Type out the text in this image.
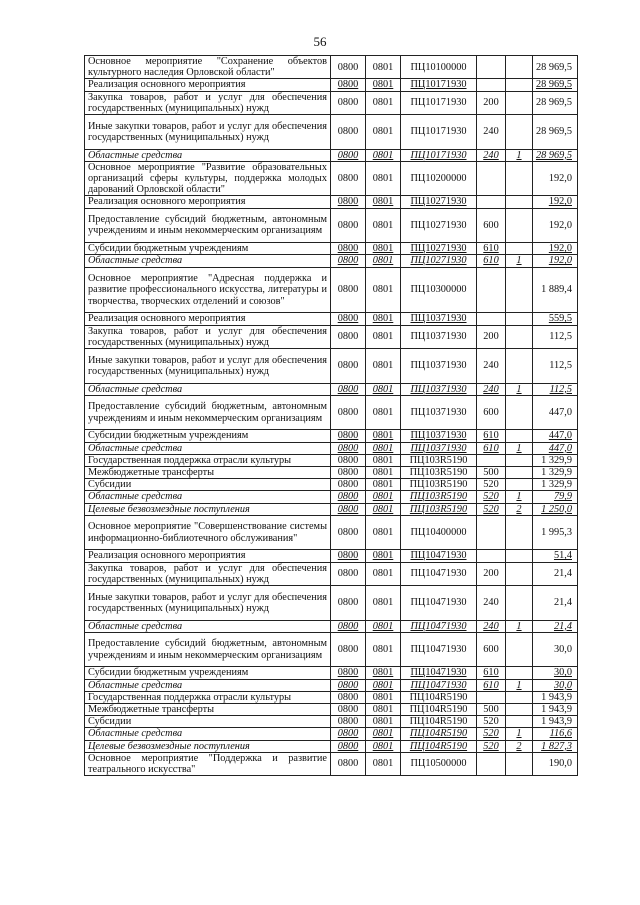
56
Основное мероприятие "Сохранение объектов культурного наследия Орловской области"	0800	0801	ПЦ10100000			28 969,5
Реализация основного мероприятия	0800	0801	ПЦ10171930			28 969,5
Закупка товаров, работ и услуг для обеспечения государственных (муниципальных) нужд	0800	0801	ПЦ10171930	200		28 969,5
Иные закупки товаров, работ и услуг для обеспечения государственных (муниципальных) нужд	0800	0801	ПЦ10171930	240		28 969,5
Областные средства	0800	0801	ПЦ10171930	240	1	28 969,5
Основное мероприятие "Развитие образовательных организаций сферы культуры, поддержка молодых дарований Орловской области"	0800	0801	ПЦ10200000			192,0
Реализация основного мероприятия	0800	0801	ПЦ10271930			192,0
Предоставление субсидий бюджетным, автономным учреждениям и иным некоммерческим организациям	0800	0801	ПЦ10271930	600		192,0
Субсидии бюджетным учреждениям	0800	0801	ПЦ10271930	610		192,0
Областные средства	0800	0801	ПЦ10271930	610	1	192,0
Основное мероприятие "Адресная поддержка и развитие профессионального искусства, литературы и творчества, творческих отделений и союзов"	0800	0801	ПЦ10300000			1 889,4
Реализация основного мероприятия	0800	0801	ПЦ10371930			559,5
Закупка товаров, работ и услуг для обеспечения государственных (муниципальных) нужд	0800	0801	ПЦ10371930	200		112,5
Иные закупки товаров, работ и услуг для обеспечения государственных (муниципальных) нужд	0800	0801	ПЦ10371930	240		112,5
Областные средства	0800	0801	ПЦ10371930	240	1	112,5
Предоставление субсидий бюджетным, автономным учреждениям и иным некоммерческим организациям	0800	0801	ПЦ10371930	600		447,0
Субсидии бюджетным учреждениям	0800	0801	ПЦ10371930	610		447,0
Областные средства	0800	0801	ПЦ10371930	610	1	447,0
Государственная поддержка отрасли культуры	0800	0801	ПЦ103R5190			1 329,9
Межбюджетные трансферты	0800	0801	ПЦ103R5190	500		1 329,9
Субсидии	0800	0801	ПЦ103R5190	520		1 329,9
Областные средства	0800	0801	ПЦ103R5190	520	1	79,9
Целевые безвозмездные поступления	0800	0801	ПЦ103R5190	520	2	1 250,0
Основное мероприятие "Совершенствование системы информационно-библиотечного обслуживания"	0800	0801	ПЦ10400000			1 995,3
Реализация основного мероприятия	0800	0801	ПЦ10471930			51,4
Закупка товаров, работ и услуг для обеспечения государственных (муниципальных) нужд	0800	0801	ПЦ10471930	200		21,4
Иные закупки товаров, работ и услуг для обеспечения государственных (муниципальных) нужд	0800	0801	ПЦ10471930	240		21,4
Областные средства	0800	0801	ПЦ10471930	240	1	21,4
Предоставление субсидий бюджетным, автономным учреждениям и иным некоммерческим организациям	0800	0801	ПЦ10471930	600		30,0
Субсидии бюджетным учреждениям	0800	0801	ПЦ10471930	610		30,0
Областные средства	0800	0801	ПЦ10471930	610	1	30,0
Государственная поддержка отрасли культуры	0800	0801	ПЦ104R5190			1 943,9
Межбюджетные трансферты	0800	0801	ПЦ104R5190	500		1 943,9
Субсидии	0800	0801	ПЦ104R5190	520		1 943,9
Областные средства	0800	0801	ПЦ104R5190	520	1	116,6
Целевые безвозмездные поступления	0800	0801	ПЦ104R5190	520	2	1 827,3
Основное мероприятие "Поддержка и развитие театрального искусства"	0800	0801	ПЦ10500000			190,0
